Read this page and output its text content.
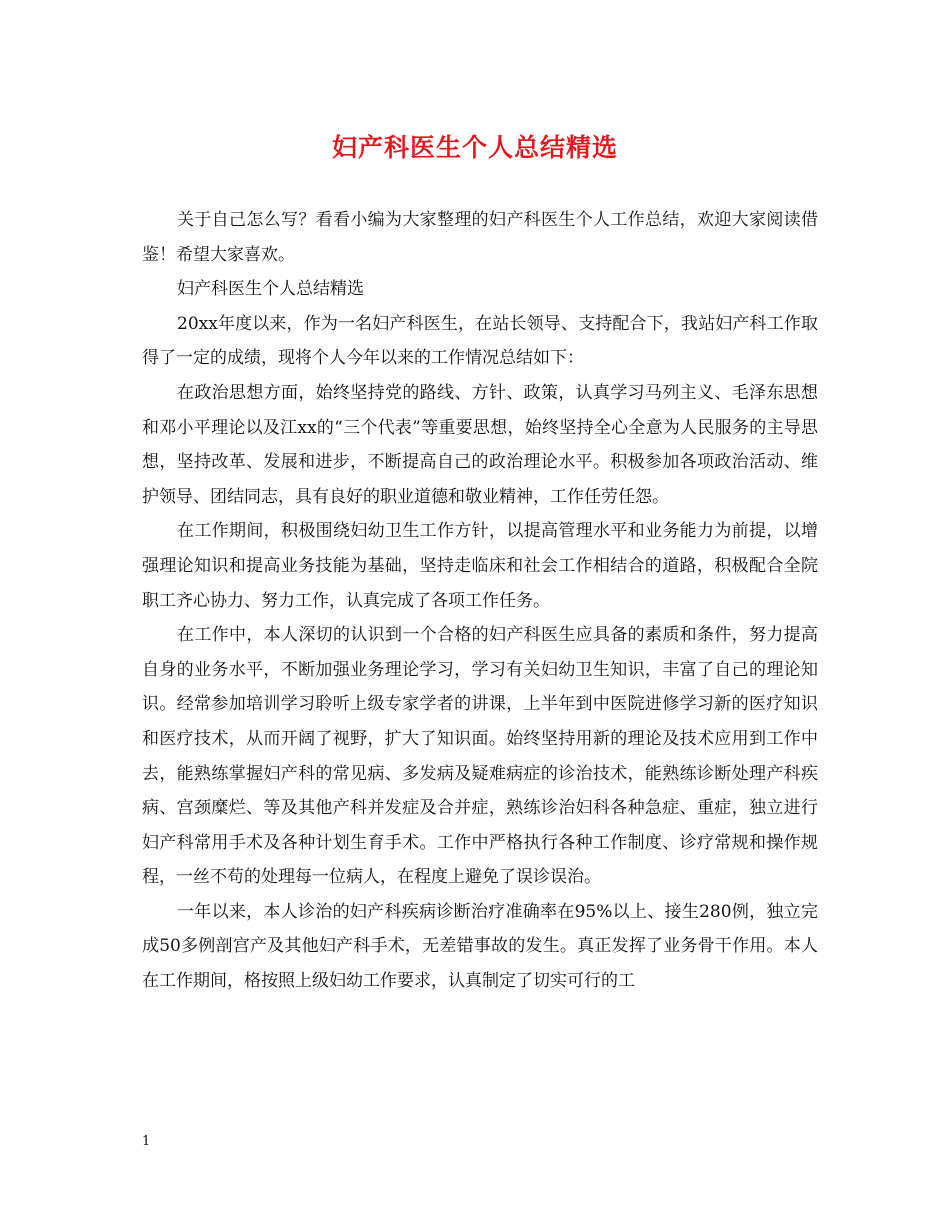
妇产科医生个人总结精选

关于自己怎么写？看看小编为大家整理的妇产科医生个人工作总结，欢迎大家阅读借鉴！希望大家喜欢。

妇产科医生个人总结精选

20xx年度以来，作为一名妇产科医生，在站长领导、支持配合下，我站妇产科工作取得了一定的成绩，现将个人今年以来的工作情况总结如下：

在政治思想方面，始终坚持党的路线、方针、政策，认真学习马列主义、毛泽东思想和邓小平理论以及江xx的“三个代表”等重要思想，始终坚持全心全意为人民服务的主导思想，坚持改革、发展和进步，不断提高自己的政治理论水平。积极参加各项政治活动、维护领导、团结同志，具有良好的职业道德和敬业精神，工作任劳任怨。

在工作期间，积极围绕妇幼卫生工作方针，以提高管理水平和业务能力为前提，以增强理论知识和提高业务技能为基础，坚持走临床和社会工作相结合的道路，积极配合全院职工齐心协力、努力工作，认真完成了各项工作任务。

在工作中，本人深切的认识到一个合格的妇产科医生应具备的素质和条件，努力提高自身的业务水平，不断加强业务理论学习，学习有关妇幼卫生知识，丰富了自己的理论知识。经常参加培训学习聆听上级专家学者的讲课，上半年到中医院进修学习新的医疗知识和医疗技术，从而开阔了视野，扩大了知识面。始终坚持用新的理论及技术应用到工作中去，能熟练掌握妇产科的常见病、多发病及疑难病症的诊治技术，能熟练诊断处理产科疾病、宫颈糜烂、等及其他产科并发症及合并症，熟练诊治妇科各种急症、重症，独立进行妇产科常用手术及各种计划生育手术。工作中严格执行各种工作制度、诊疗常规和操作规程，一丝不苟的处理每一位病人，在程度上避免了误诊误治。

一年以来，本人诊治的妇产科疾病诊断治疗准确率在95%以上、接生280例，独立完成50多例剖宫产及其他妇产科手术，无差错事故的发生。真正发挥了业务骨干作用。本人在工作期间，格按照上级妇幼工作要求，认真制定了切实可行的工

1
